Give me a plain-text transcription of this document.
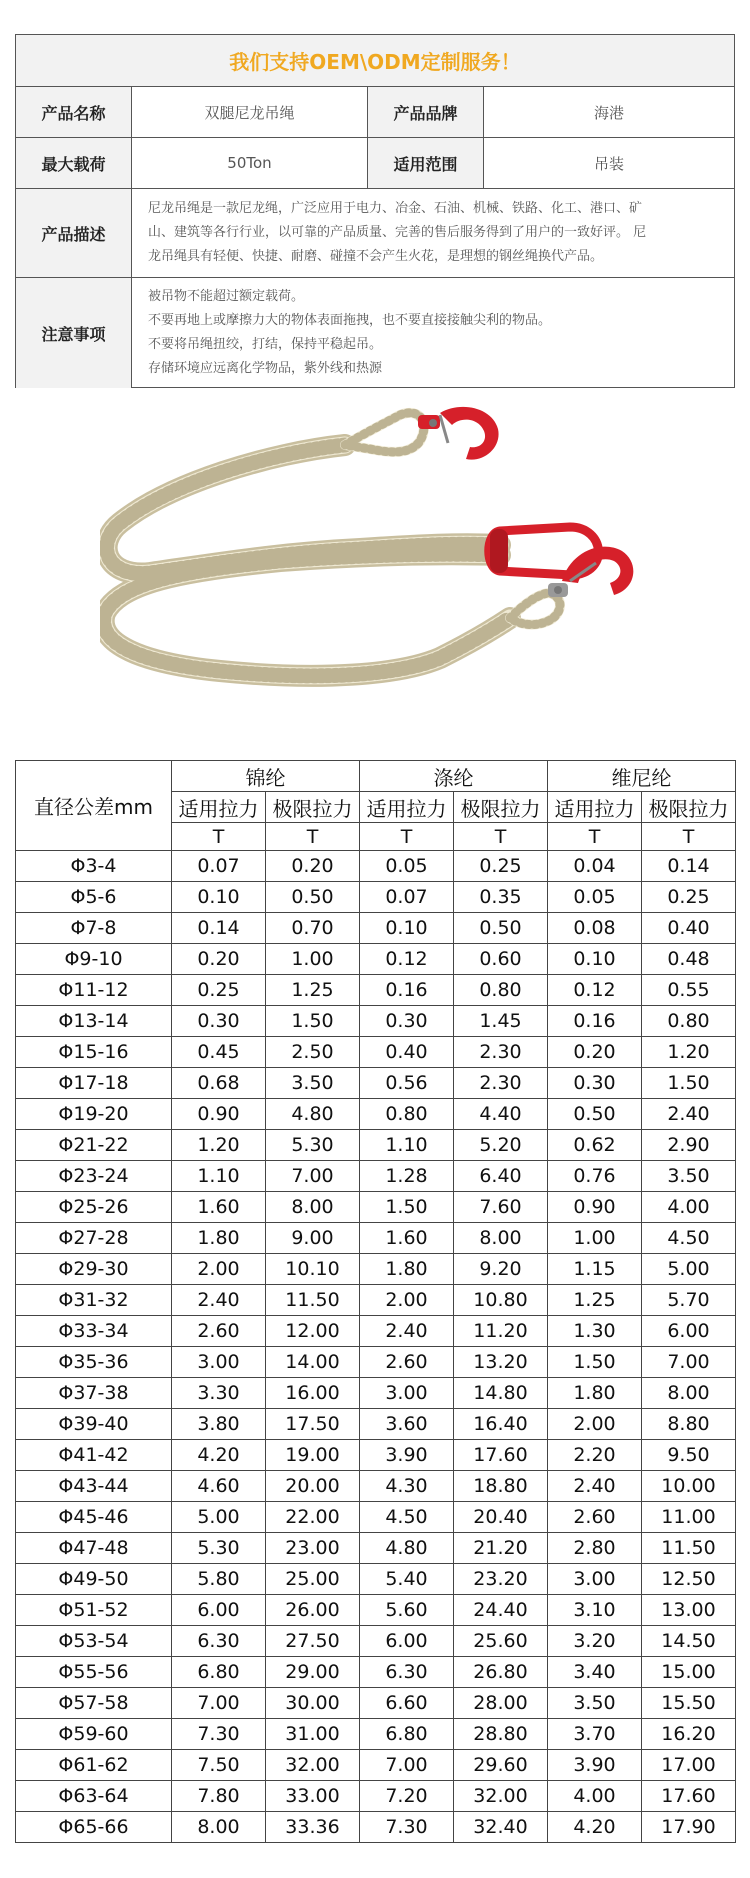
我们支持OEM\ODM定制服务！
产品名称	双腿尼龙吊绳	产品品牌	海港
最大载荷	50Ton	适用范围	吊装
产品描述
尼龙吊绳是一款尼龙绳，广泛应用于电力、冶金、石油、机械、铁路、化工、港口、矿
山、建筑等各行行业，以可靠的产品质量、完善的售后服务得到了用户的一致好评。 尼
龙吊绳具有轻便、快捷、耐磨、碰撞不会产生火花，是理想的钢丝绳换代产品。
注意事项
被吊物不能超过额定载荷。
不要再地上或摩擦力大的物体表面拖拽，也不要直接接触尖利的物品。
不要将吊绳扭绞，打结，保持平稳起吊。
存储环境应远离化学物品，紫外线和热源
直径公差mm	锦纶		涤纶		维尼纶	
	适用拉力	极限拉力	适用拉力	极限拉力	适用拉力	极限拉力
	T	T	T	T	T	T
Φ3-4	0.07	0.20	0.05	0.25	0.04	0.14
Φ5-6	0.10	0.50	0.07	0.35	0.05	0.25
Φ7-8	0.14	0.70	0.10	0.50	0.08	0.40
Φ9-10	0.20	1.00	0.12	0.60	0.10	0.48
Φ11-12	0.25	1.25	0.16	0.80	0.12	0.55
Φ13-14	0.30	1.50	0.30	1.45	0.16	0.80
Φ15-16	0.45	2.50	0.40	2.30	0.20	1.20
Φ17-18	0.68	3.50	0.56	2.30	0.30	1.50
Φ19-20	0.90	4.80	0.80	4.40	0.50	2.40
Φ21-22	1.20	5.30	1.10	5.20	0.62	2.90
Φ23-24	1.10	7.00	1.28	6.40	0.76	3.50
Φ25-26	1.60	8.00	1.50	7.60	0.90	4.00
Φ27-28	1.80	9.00	1.60	8.00	1.00	4.50
Φ29-30	2.00	10.10	1.80	9.20	1.15	5.00
Φ31-32	2.40	11.50	2.00	10.80	1.25	5.70
Φ33-34	2.60	12.00	2.40	11.20	1.30	6.00
Φ35-36	3.00	14.00	2.60	13.20	1.50	7.00
Φ37-38	3.30	16.00	3.00	14.80	1.80	8.00
Φ39-40	3.80	17.50	3.60	16.40	2.00	8.80
Φ41-42	4.20	19.00	3.90	17.60	2.20	9.50
Φ43-44	4.60	20.00	4.30	18.80	2.40	10.00
Φ45-46	5.00	22.00	4.50	20.40	2.60	11.00
Φ47-48	5.30	23.00	4.80	21.20	2.80	11.50
Φ49-50	5.80	25.00	5.40	23.20	3.00	12.50
Φ51-52	6.00	26.00	5.60	24.40	3.10	13.00
Φ53-54	6.30	27.50	6.00	25.60	3.20	14.50
Φ55-56	6.80	29.00	6.30	26.80	3.40	15.00
Φ57-58	7.00	30.00	6.60	28.00	3.50	15.50
Φ59-60	7.30	31.00	6.80	28.80	3.70	16.20
Φ61-62	7.50	32.00	7.00	29.60	3.90	17.00
Φ63-64	7.80	33.00	7.20	32.00	4.00	17.60
Φ65-66	8.00	33.36	7.30	32.40	4.20	17.90
